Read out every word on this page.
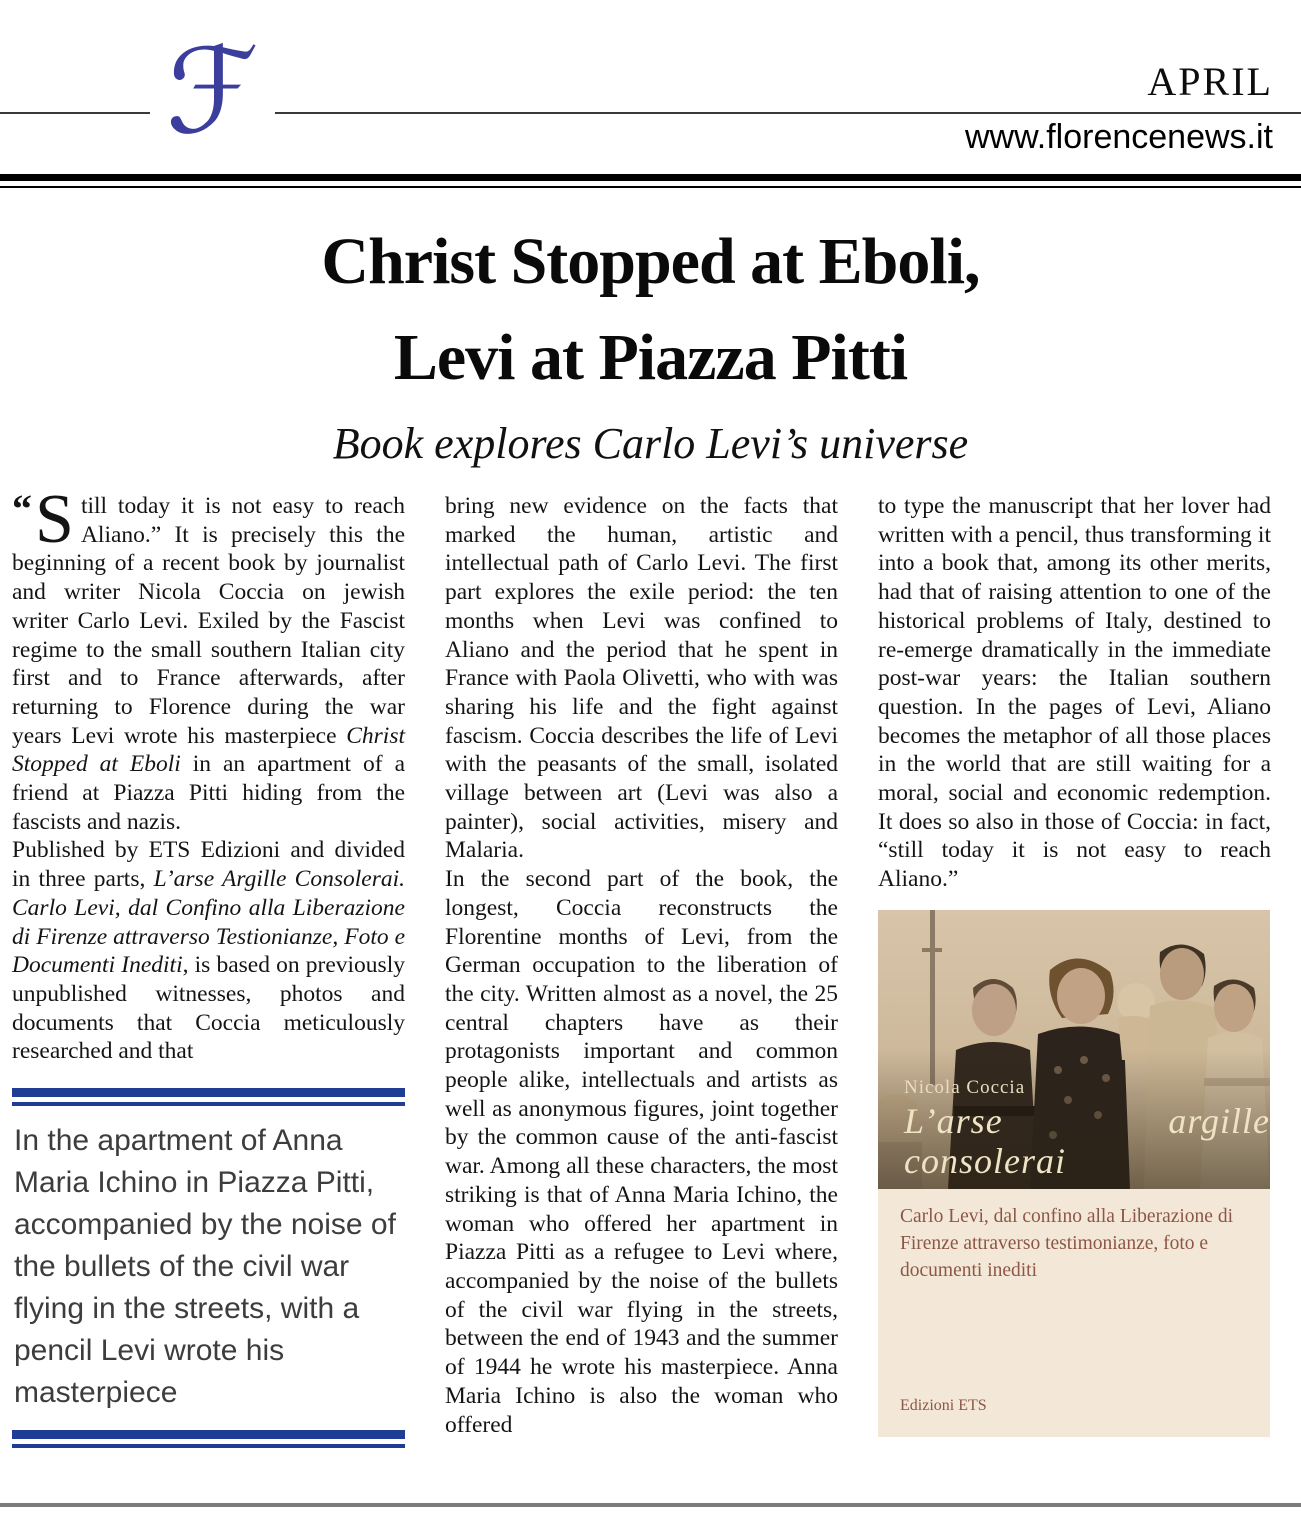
ℱ	APRIL
www.florencenews.it
Christ Stopped at Eboli,
Levi at Piazza Pitti
Book explores Carlo Levi’s universe

“ S till today it is not easy to reach Aliano.” It is precisely this the beginning of a recent book by journalist and writer Nicola Coccia on jewish writer Carlo Levi. Exiled by the Fascist regime to the small southern Italian city first and to France afterwards, after returning to Florence during the war years Levi wrote his masterpiece Christ Stopped at Eboli in an apartment of a friend at Piazza Pitti hiding from the fascists and nazis.

Published by ETS Edizioni and divided in three parts, L’arse Argille Consolerai. Carlo Levi, dal Confino alla Liberazione di Firenze attraverso Testionianze, Foto e Documenti Inediti, is based on previously unpublished witnesses, photos and documents that Coccia meticulously researched and that

In the apartment of Anna Maria Ichino in Piazza Pitti, accompanied by the noise of the bullets of the civil war flying in the streets, with a pencil Levi wrote his masterpiece

bring new evidence on the facts that marked the human, artistic and intellectual path of Carlo Levi. The first part explores the exile period: the ten months when Levi was confined to Aliano and the period that he spent in France with Paola Olivetti, who with was sharing his life and the fight against fascism. Coccia describes the life of Levi with the peasants of the small, isolated village between art (Levi was also a painter), social activities, misery and Malaria.

In the second part of the book, the longest, Coccia reconstructs the Florentine months of Levi, from the German occupation to the liberation of the city. Written almost as a novel, the 25 central chapters have as their protagonists important and common people alike, intellectuals and artists as well as anonymous figures, joint together by the common cause of the anti-fascist war. Among all these characters, the most striking is that of Anna Maria Ichino, the woman who offered her apartment in Piazza Pitti as a refugee to Levi where, accompanied by the noise of the bullets of the civil war flying in the streets, between the end of 1943 and the summer of 1944 he wrote his masterpiece. Anna Maria Ichino is also the woman who offered

to type the manuscript that her lover had written with a pencil, thus transforming it into a book that, among its other merits, had that of raising attention to one of the historical problems of Italy, destined to re-emerge dramatically in the immediate post-war years: the Italian southern question. In the pages of Levi, Aliano becomes the metaphor of all those places in the world that are still waiting for a moral, social and economic redemption. It does so also in those of Coccia: in fact, “still today it is not easy to reach Aliano.”

Nicola Coccia
L’arse argille consolerai
Carlo Levi, dal confino alla Liberazione di Firenze attraverso testimonianze, foto e documenti inediti
Edizioni ETS
